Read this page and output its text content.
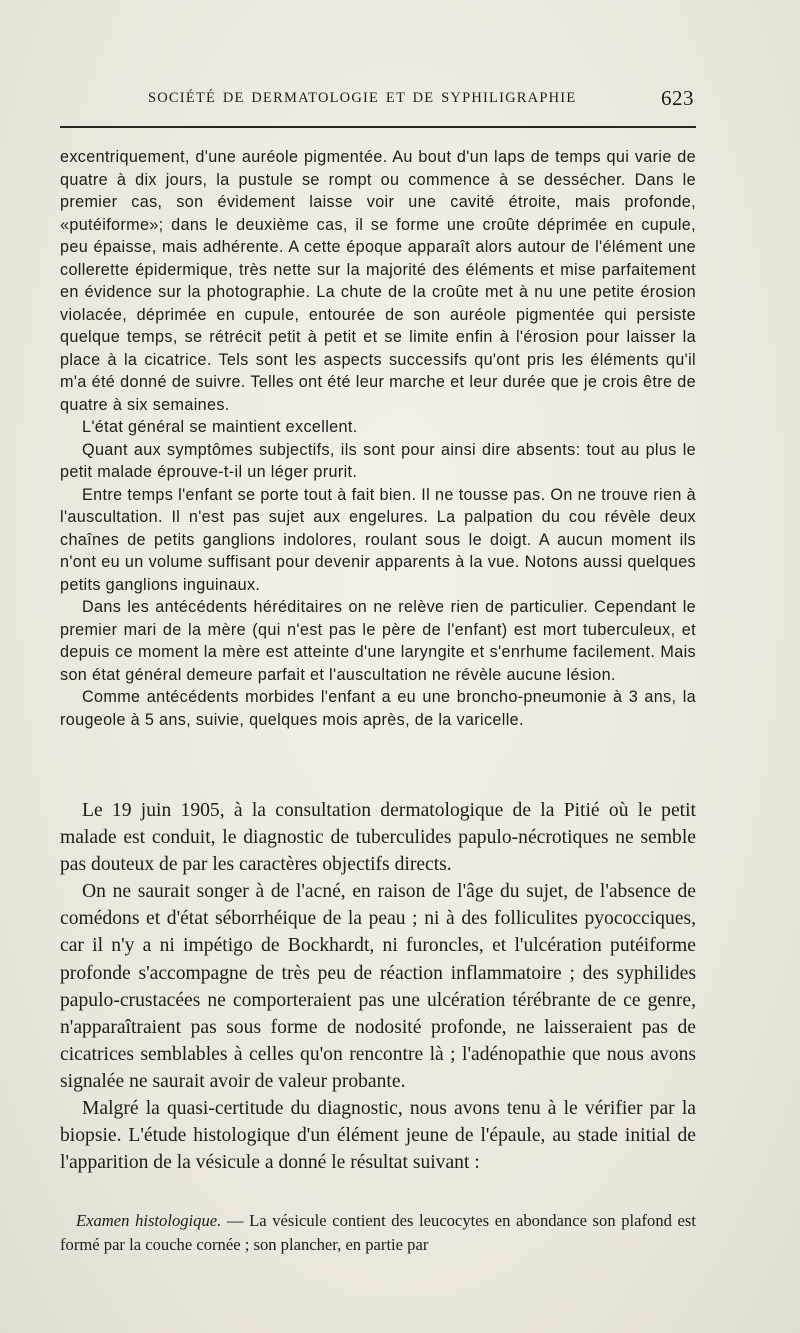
SOCIÉTÉ DE DERMATOLOGIE ET DE SYPHILIGRAPHIE	623

excentriquement, d'une auréole pigmentée. Au bout d'un laps de temps qui varie de quatre à dix jours, la pustule se rompt ou commence à se dessécher. Dans le premier cas, son évidement laisse voir une cavité étroite, mais profonde, «putéiforme»; dans le deuxième cas, il se forme une croûte déprimée en cupule, peu épaisse, mais adhérente. A cette époque apparaît alors autour de l'élément une collerette épidermique, très nette sur la majorité des éléments et mise parfaitement en évidence sur la photographie. La chute de la croûte met à nu une petite érosion violacée, déprimée en cupule, entourée de son auréole pigmentée qui persiste quelque temps, se rétrécit petit à petit et se limite enfin à l'érosion pour laisser la place à la cicatrice. Tels sont les aspects successifs qu'ont pris les éléments qu'il m'a été donné de suivre. Telles ont été leur marche et leur durée que je crois être de quatre à six semaines.

L'état général se maintient excellent.

Quant aux symptômes subjectifs, ils sont pour ainsi dire absents: tout au plus le petit malade éprouve-t-il un léger prurit.

Entre temps l'enfant se porte tout à fait bien. Il ne tousse pas. On ne trouve rien à l'auscultation. Il n'est pas sujet aux engelures. La palpation du cou révèle deux chaînes de petits ganglions indolores, roulant sous le doigt. A aucun moment ils n'ont eu un volume suffisant pour devenir apparents à la vue. Notons aussi quelques petits ganglions inguinaux.

Dans les antécédents héréditaires on ne relève rien de particulier. Cependant le premier mari de la mère (qui n'est pas le père de l'enfant) est mort tuberculeux, et depuis ce moment la mère est atteinte d'une laryngite et s'enrhume facilement. Mais son état général demeure parfait et l'auscultation ne révèle aucune lésion.

Comme antécédents morbides l'enfant a eu une broncho-pneumonie à 3 ans, la rougeole à 5 ans, suivie, quelques mois après, de la varicelle.

Le 19 juin 1905, à la consultation dermatologique de la Pitié où le petit malade est conduit, le diagnostic de tuberculides papulo-nécrotiques ne semble pas douteux de par les caractères objectifs directs.

On ne saurait songer à de l'acné, en raison de l'âge du sujet, de l'absence de comédons et d'état séborrhéique de la peau ; ni à des folliculites pyococciques, car il n'y a ni impétigo de Bockhardt, ni furoncles, et l'ulcération putéiforme profonde s'accompagne de très peu de réaction inflammatoire ; des syphilides papulo-crustacées ne comporteraient pas une ulcération térébrante de ce genre, n'apparaîtraient pas sous forme de nodosité profonde, ne laisseraient pas de cicatrices semblables à celles qu'on rencontre là ; l'adénopathie que nous avons signalée ne saurait avoir de valeur probante.

Malgré la quasi-certitude du diagnostic, nous avons tenu à le vérifier par la biopsie. L'étude histologique d'un élément jeune de l'épaule, au stade initial de l'apparition de la vésicule a donné le résultat suivant :

Examen histologique. — La vésicule contient des leucocytes en abondance son plafond est formé par la couche cornée ; son plancher, en partie par
